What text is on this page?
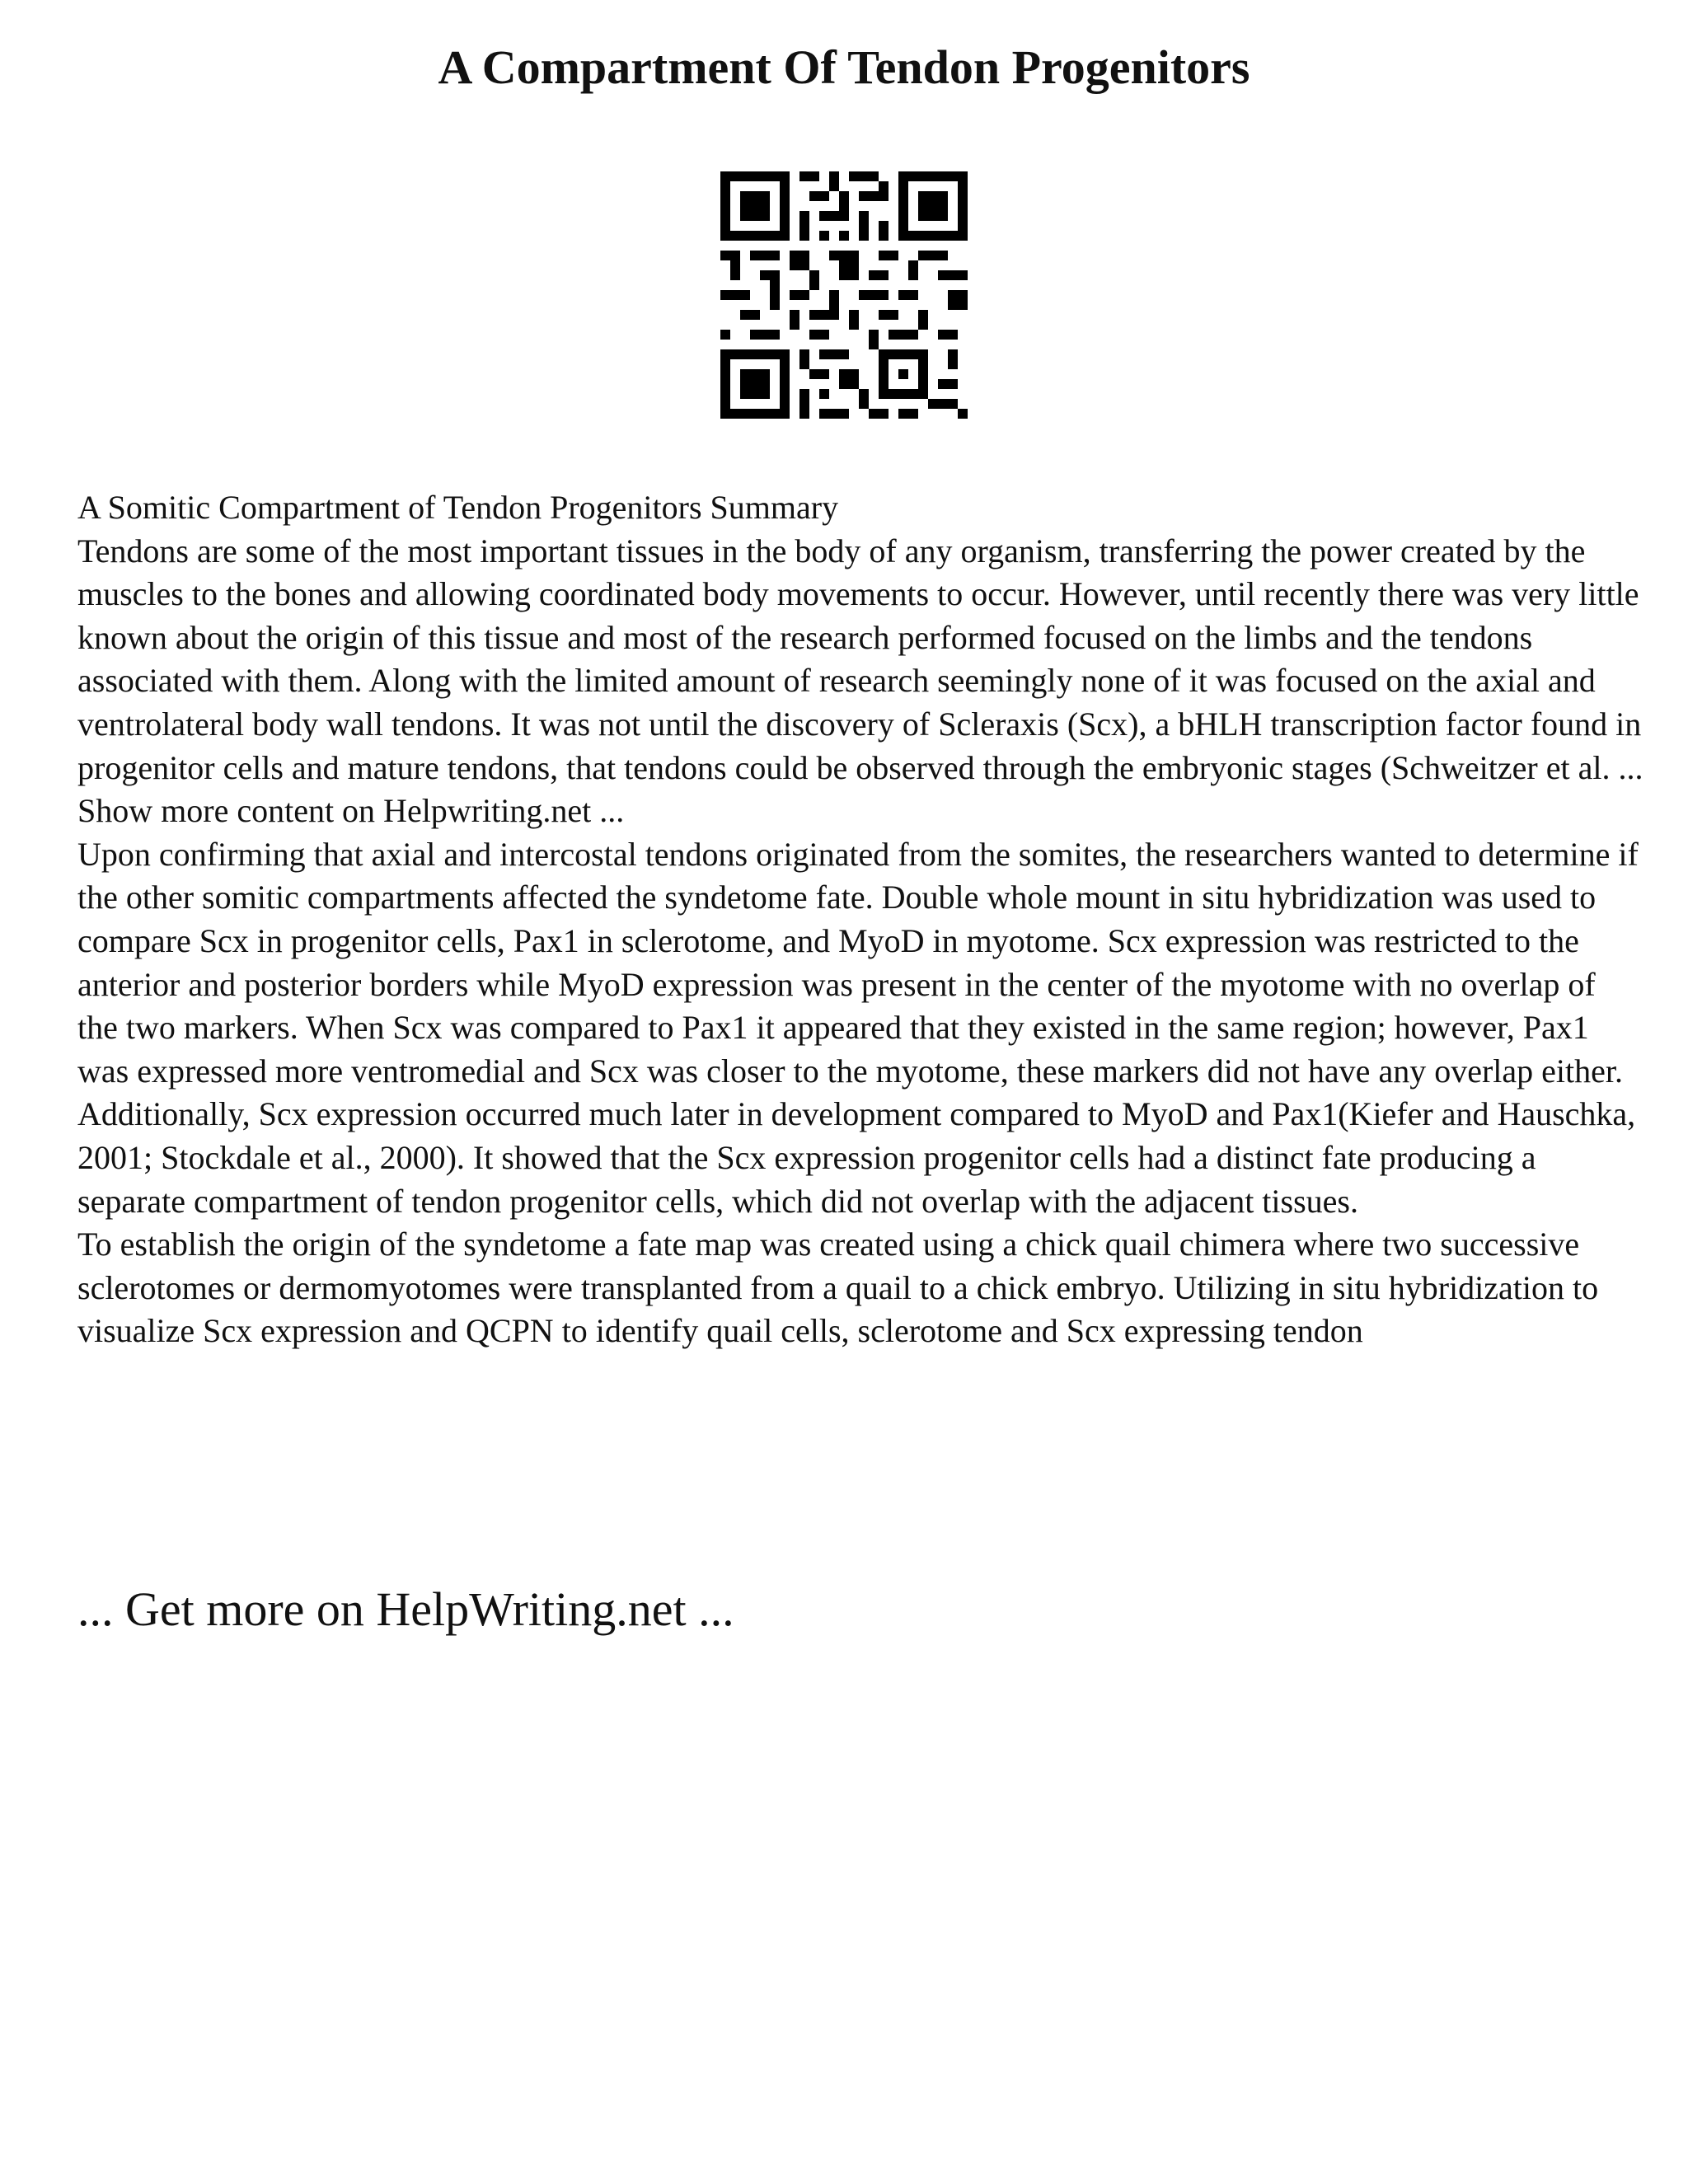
A Compartment Of Tendon Progenitors

A Somitic Compartment of Tendon Progenitors Summary

Tendons are some of the most important tissues in the body of any organism, transferring the power created by the muscles to the bones and allowing coordinated body movements to occur. However, until recently there was very little known about the origin of this tissue and most of the research performed focused on the limbs and the tendons associated with them. Along with the limited amount of research seemingly none of it was focused on the axial and ventrolateral body wall tendons. It was not until the discovery of Scleraxis (Scx), a bHLH transcription factor found in progenitor cells and mature tendons, that tendons could be observed through the embryonic stages (Schweitzer et al. ...

Show more content on Helpwriting.net ...

Upon confirming that axial and intercostal tendons originated from the somites, the researchers wanted to determine if the other somitic compartments affected the syndetome fate. Double whole mount in situ hybridization was used to compare Scx in progenitor cells, Pax1 in sclerotome, and MyoD in myotome. Scx expression was restricted to the anterior and posterior borders while MyoD expression was present in the center of the myotome with no overlap of the two markers. When Scx was compared to Pax1 it appeared that they existed in the same region; however, Pax1 was expressed more ventromedial and Scx was closer to the myotome, these markers did not have any overlap either. Additionally, Scx expression occurred much later in development compared to MyoD and Pax1(Kiefer and Hauschka, 2001; Stockdale et al., 2000). It showed that the Scx expression progenitor cells had a distinct fate producing a separate compartment of tendon progenitor cells, which did not overlap with the adjacent tissues.

To establish the origin of the syndetome a fate map was created using a chick quail chimera where two successive sclerotomes or dermomyotomes were transplanted from a quail to a chick embryo. Utilizing in situ hybridization to visualize Scx expression and QCPN to identify quail cells, sclerotome and Scx expressing tendon

... Get more on HelpWriting.net ...
